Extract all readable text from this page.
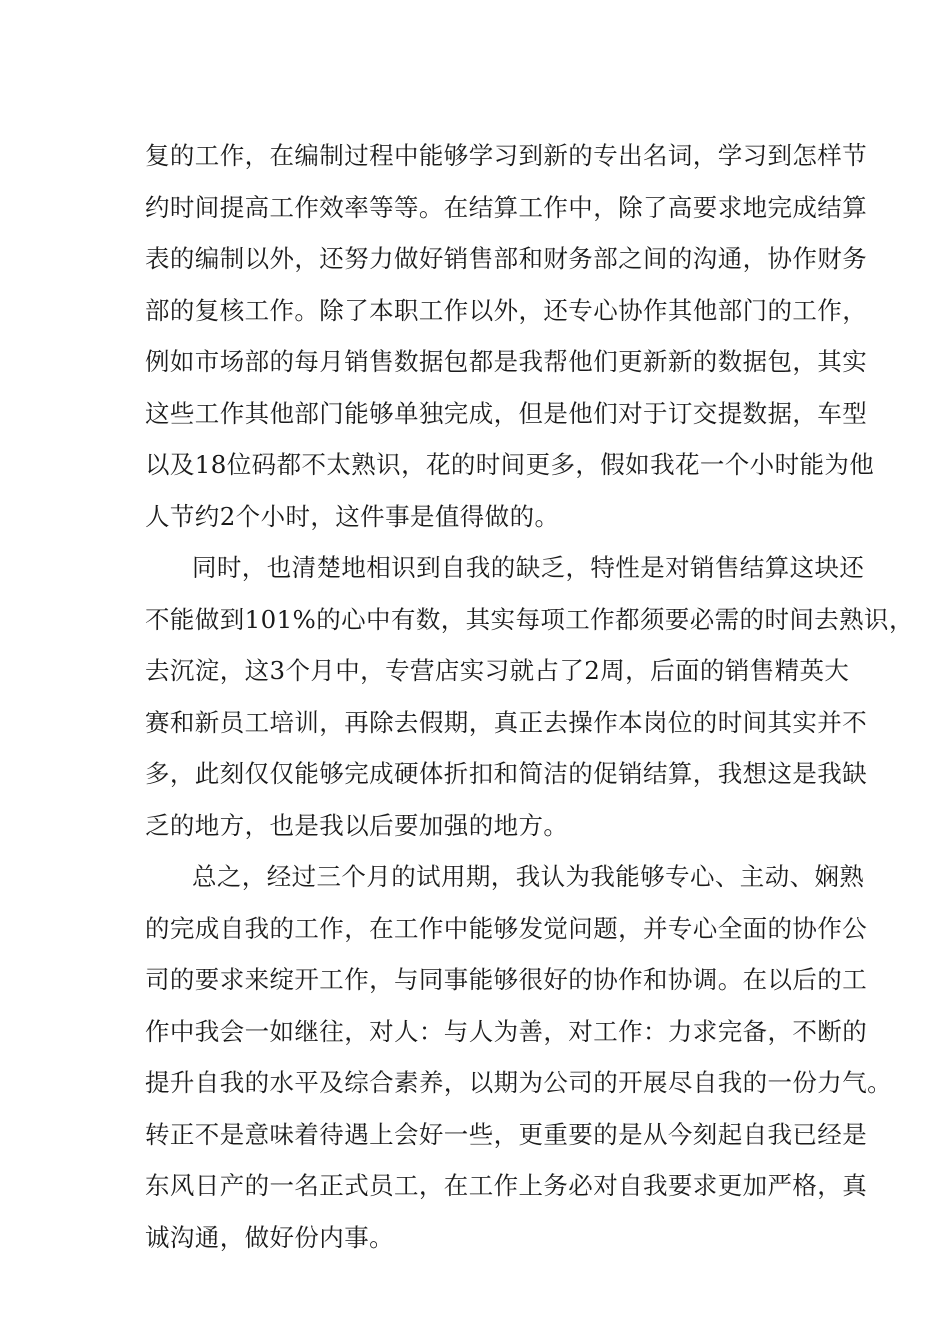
复的工作，在编制过程中能够学习到新的专出名词，学习到怎样节
约时间提高工作效率等等。在结算工作中，除了高要求地完成结算
表的编制以外，还努力做好销售部和财务部之间的沟通，协作财务
部的复核工作。除了本职工作以外，还专心协作其他部门的工作，
例如市场部的每月销售数据包都是我帮他们更新新的数据包，其实
这些工作其他部门能够单独完成，但是他们对于订交提数据，车型
以及18位码都不太熟识，花的时间更多，假如我花一个小时能为他
人节约2个小时，这件事是值得做的。
同时，也清楚地相识到自我的缺乏，特性是对销售结算这块还
不能做到101%的心中有数，其实每项工作都须要必需的时间去熟识，
去沉淀，这3个月中，专营店实习就占了2周，后面的销售精英大
赛和新员工培训，再除去假期，真正去操作本岗位的时间其实并不
多，此刻仅仅能够完成硬体折扣和简洁的促销结算，我想这是我缺
乏的地方，也是我以后要加强的地方。
总之，经过三个月的试用期，我认为我能够专心、主动、娴熟
的完成自我的工作，在工作中能够发觉问题，并专心全面的协作公
司的要求来绽开工作，与同事能够很好的协作和协调。在以后的工
作中我会一如继往，对人：与人为善，对工作：力求完备，不断的
提升自我的水平及综合素养，以期为公司的开展尽自我的一份力气。
转正不是意味着待遇上会好一些，更重要的是从今刻起自我已经是
东风日产的一名正式员工，在工作上务必对自我要求更加严格，真
诚沟通，做好份内事。
